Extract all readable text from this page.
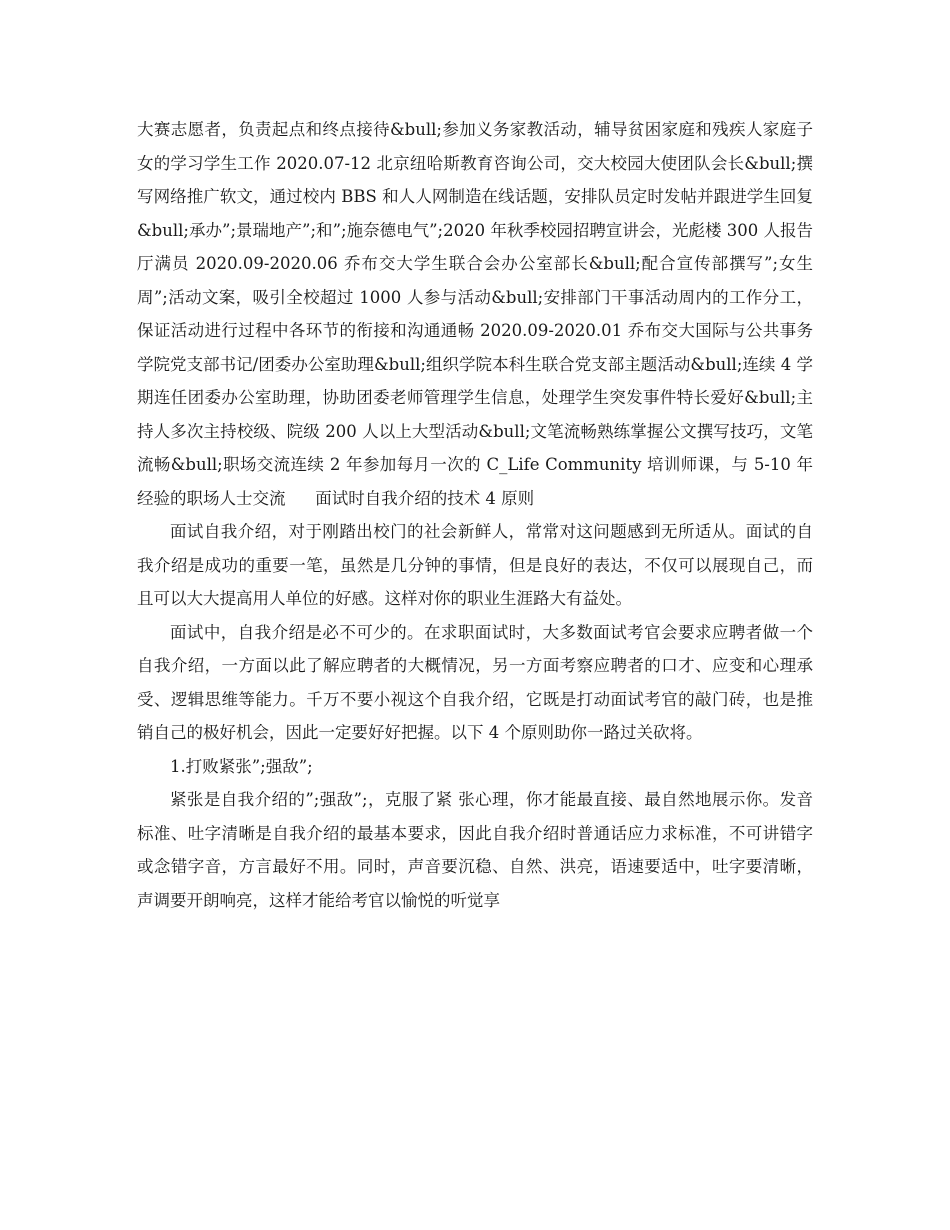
大赛志愿者，负责起点和终点接待&bull;参加义务家教活动，辅导贫困家庭和残疾人家庭子女的学习学生工作 2020.07-12 北京纽哈斯教育咨询公司，交大校园大使团队会长&bull;撰写网络推广软文，通过校内 BBS 和人人网制造在线话题，安排队员定时发帖并跟进学生回复&bull;承办”;景瑞地产”;和”;施奈德电气”;2020 年秋季校园招聘宣讲会，光彪楼 300 人报告厅满员 2020.09-2020.06 乔布交大学生联合会办公室部长&bull;配合宣传部撰写”;女生周”;活动文案，吸引全校超过 1000 人参与活动&bull;安排部门干事活动周内的工作分工，保证活动进行过程中各环节的衔接和沟通通畅 2020.09-2020.01 乔布交大国际与公共事务学院党支部书记/团委办公室助理&bull;组织学院本科生联合党支部主题活动&bull;连续 4 学期连任团委办公室助理，协助团委老师管理学生信息，处理学生突发事件特长爱好&bull;主持人多次主持校级、院级 200 人以上大型活动&bull;文笔流畅熟练掌握公文撰写技巧，文笔流畅&bull;职场交流连续 2 年参加每月一次的 C_Life Community 培训师课，与 5-10 年经验的职场人士交流 面试时自我介绍的技术 4 原则

面试自我介绍，对于刚踏出校门的社会新鲜人，常常对这问题感到无所适从。面试的自我介绍是成功的重要一笔，虽然是几分钟的事情，但是良好的表达，不仅可以展现自己，而且可以大大提高用人单位的好感。这样对你的职业生涯路大有益处。

面试中，自我介绍是必不可少的。在求职面试时，大多数面试考官会要求应聘者做一个自我介绍，一方面以此了解应聘者的大概情况，另一方面考察应聘者的口才、应变和心理承受、逻辑思维等能力。千万不要小视这个自我介绍，它既是打动面试考官的敲门砖，也是推销自己的极好机会，因此一定要好好把握。以下 4 个原则助你一路过关砍将。

1.打败紧张”;强敌”;

紧张是自我介绍的”;强敌”;，克服了紧 张心理，你才能最直接、最自然地展示你。发音标准、吐字清晰是自我介绍的最基本要求，因此自我介绍时普通话应力求标准，不可讲错字或念错字音，方言最好不用。同时，声音要沉稳、自然、洪亮，语速要适中，吐字要清晰，声调要开朗响亮，这样才能给考官以愉悦的听觉享
